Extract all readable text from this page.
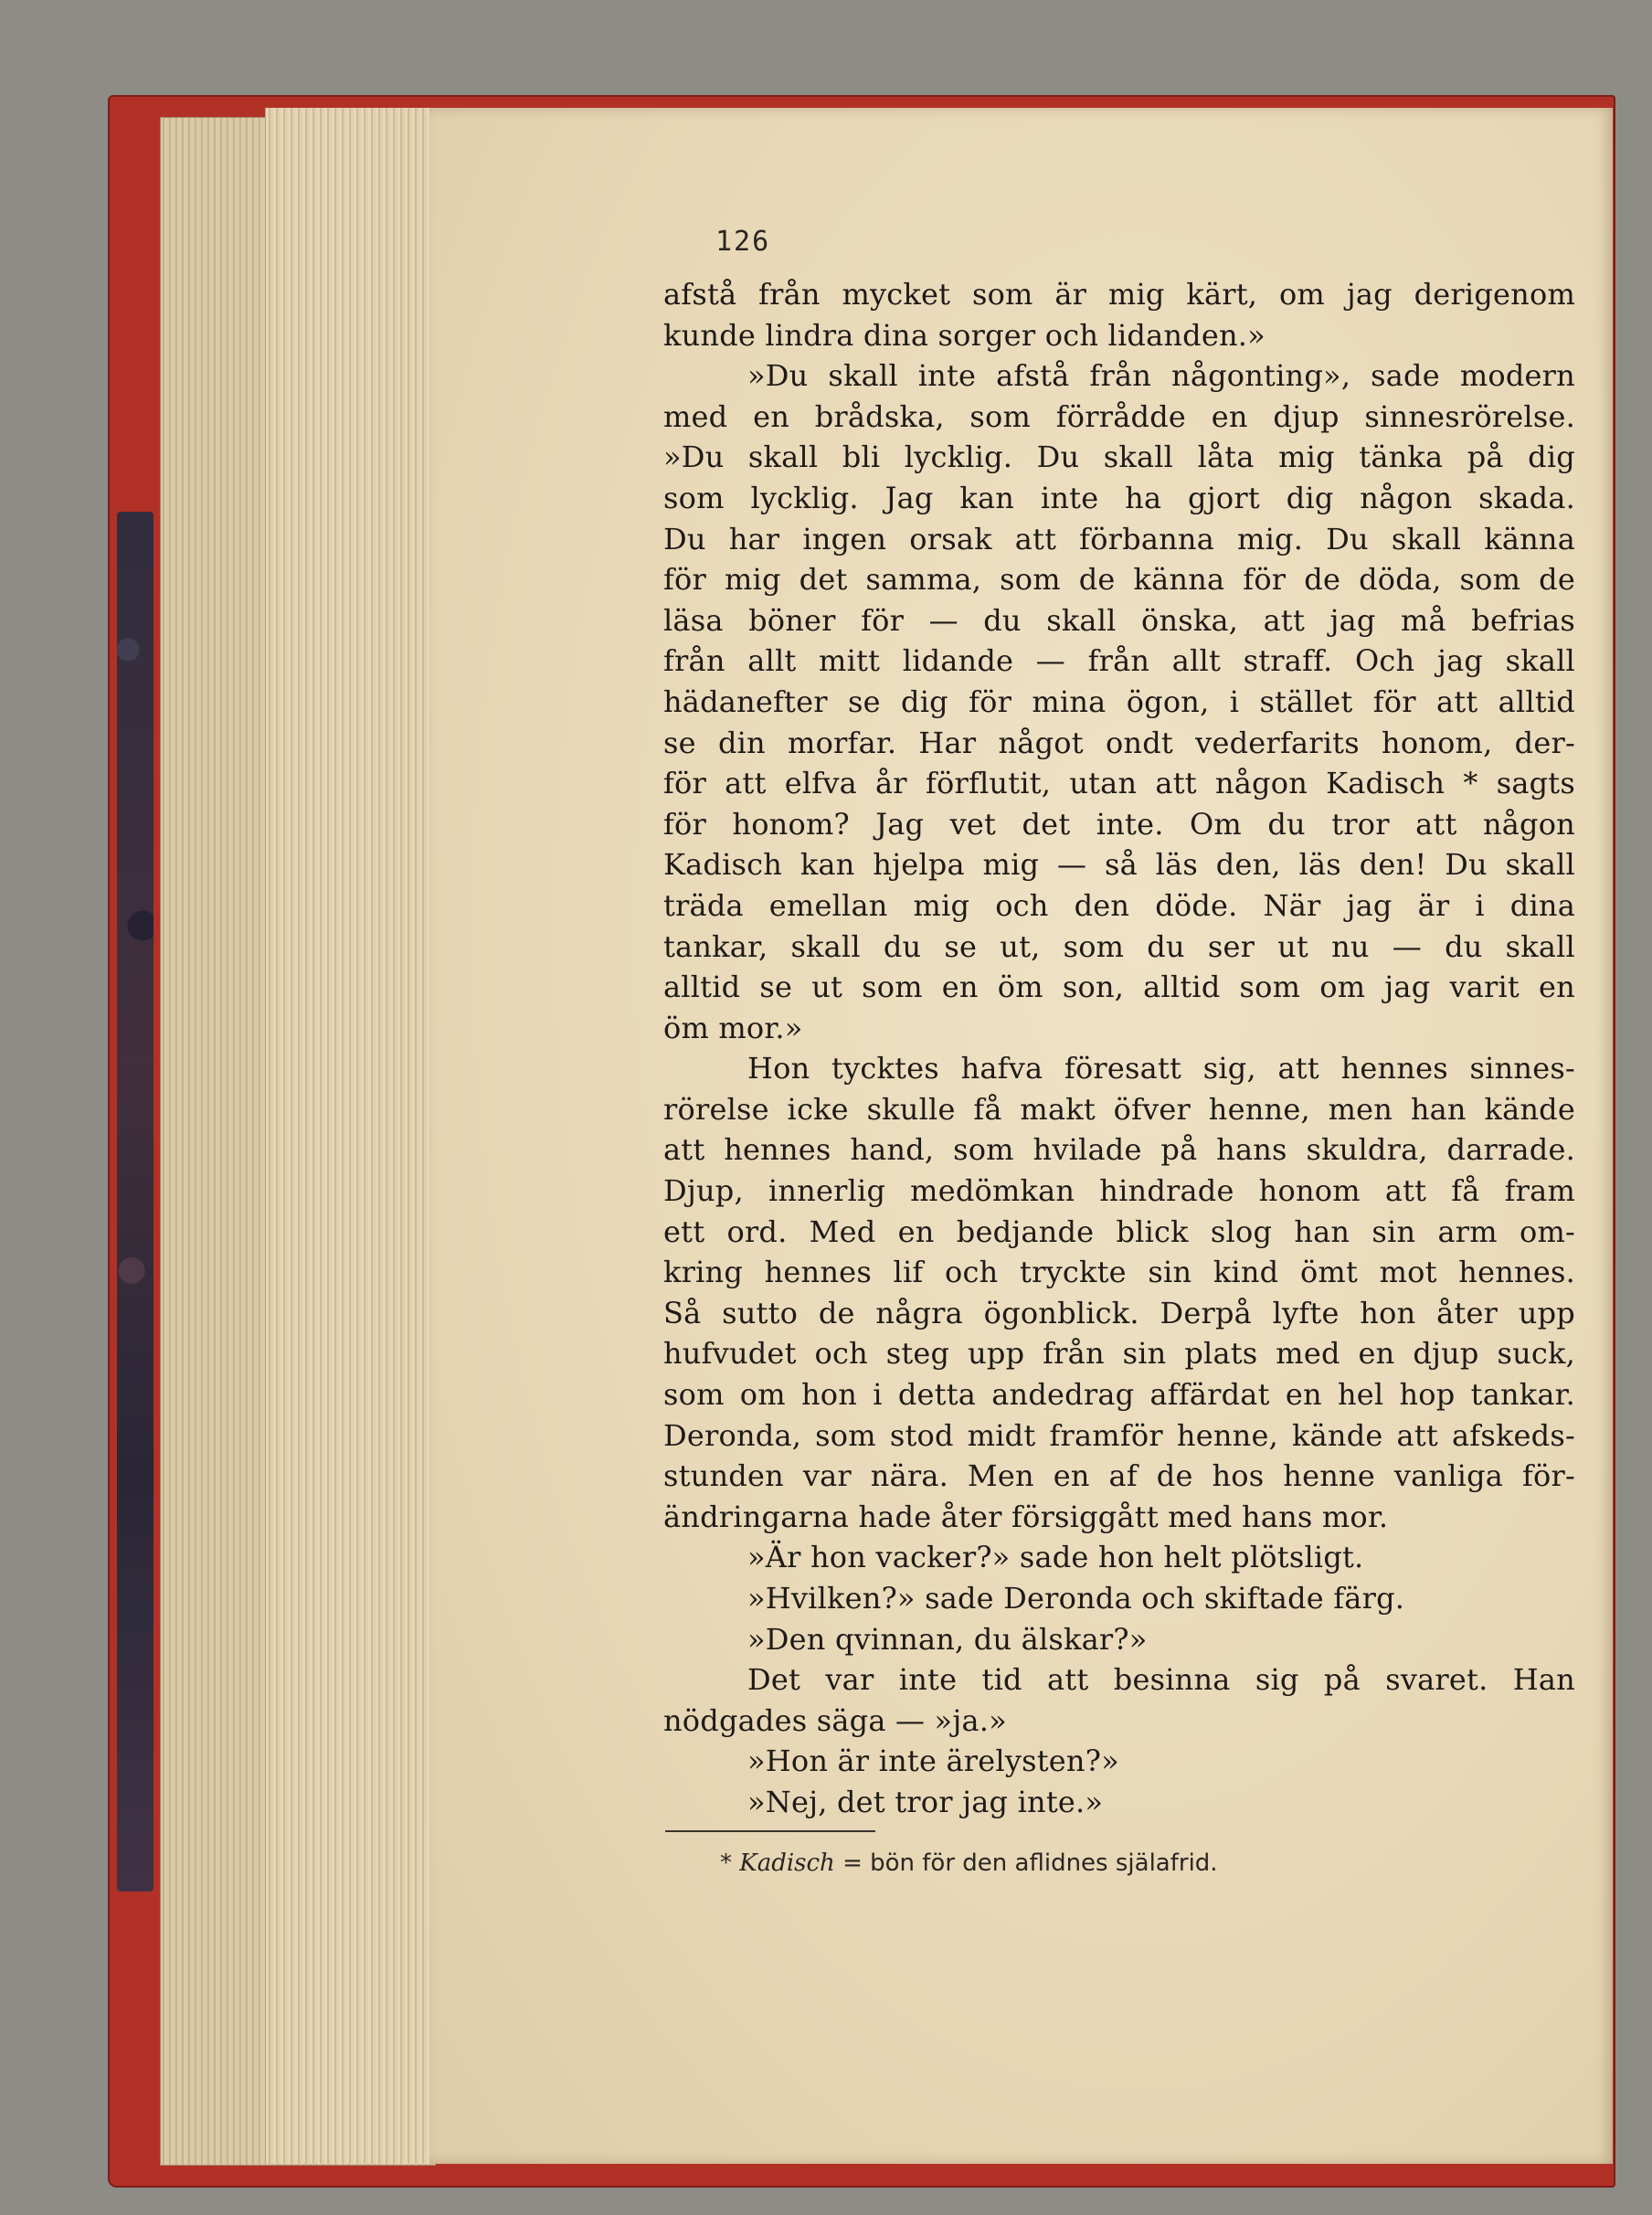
126
afstå från mycket som är mig kärt, om jag derigenom
kunde lindra dina sorger och lidanden.»
»Du skall inte afstå från någonting», sade modern
med en brådska, som förrådde en djup sinnesrörelse.
»Du skall bli lycklig. Du skall låta mig tänka på dig
som lycklig. Jag kan inte ha gjort dig någon skada.
Du har ingen orsak att förbanna mig. Du skall känna
för mig det samma, som de känna för de döda, som de
läsa böner för — du skall önska, att jag må befrias
från allt mitt lidande — från allt straff. Och jag skall
hädanefter se dig för mina ögon, i stället för att alltid
se din morfar. Har något ondt vederfarits honom, der-
för att elfva år förflutit, utan att någon Kadisch * sagts
för honom? Jag vet det inte. Om du tror att någon
Kadisch kan hjelpa mig — så läs den, läs den! Du skall
träda emellan mig och den döde. När jag är i dina
tankar, skall du se ut, som du ser ut nu — du skall
alltid se ut som en öm son, alltid som om jag varit en
öm mor.»
Hon tycktes hafva föresatt sig, att hennes sinnes-
rörelse icke skulle få makt öfver henne, men han kände
att hennes hand, som hvilade på hans skuldra, darrade.
Djup, innerlig medömkan hindrade honom att få fram
ett ord. Med en bedjande blick slog han sin arm om-
kring hennes lif och tryckte sin kind ömt mot hennes.
Så sutto de några ögonblick. Derpå lyfte hon åter upp
hufvudet och steg upp från sin plats med en djup suck,
som om hon i detta andedrag affärdat en hel hop tankar.
Deronda, som stod midt framför henne, kände att afskeds-
stunden var nära. Men en af de hos henne vanliga för-
ändringarna hade åter försiggått med hans mor.
»Är hon vacker?» sade hon helt plötsligt.
»Hvilken?» sade Deronda och skiftade färg.
»Den qvinnan, du älskar?»
Det var inte tid att besinna sig på svaret. Han
nödgades säga — »ja.»
»Hon är inte ärelysten?»
»Nej, det tror jag inte.»
* Kadisch = bön för den aflidnes själafrid.
